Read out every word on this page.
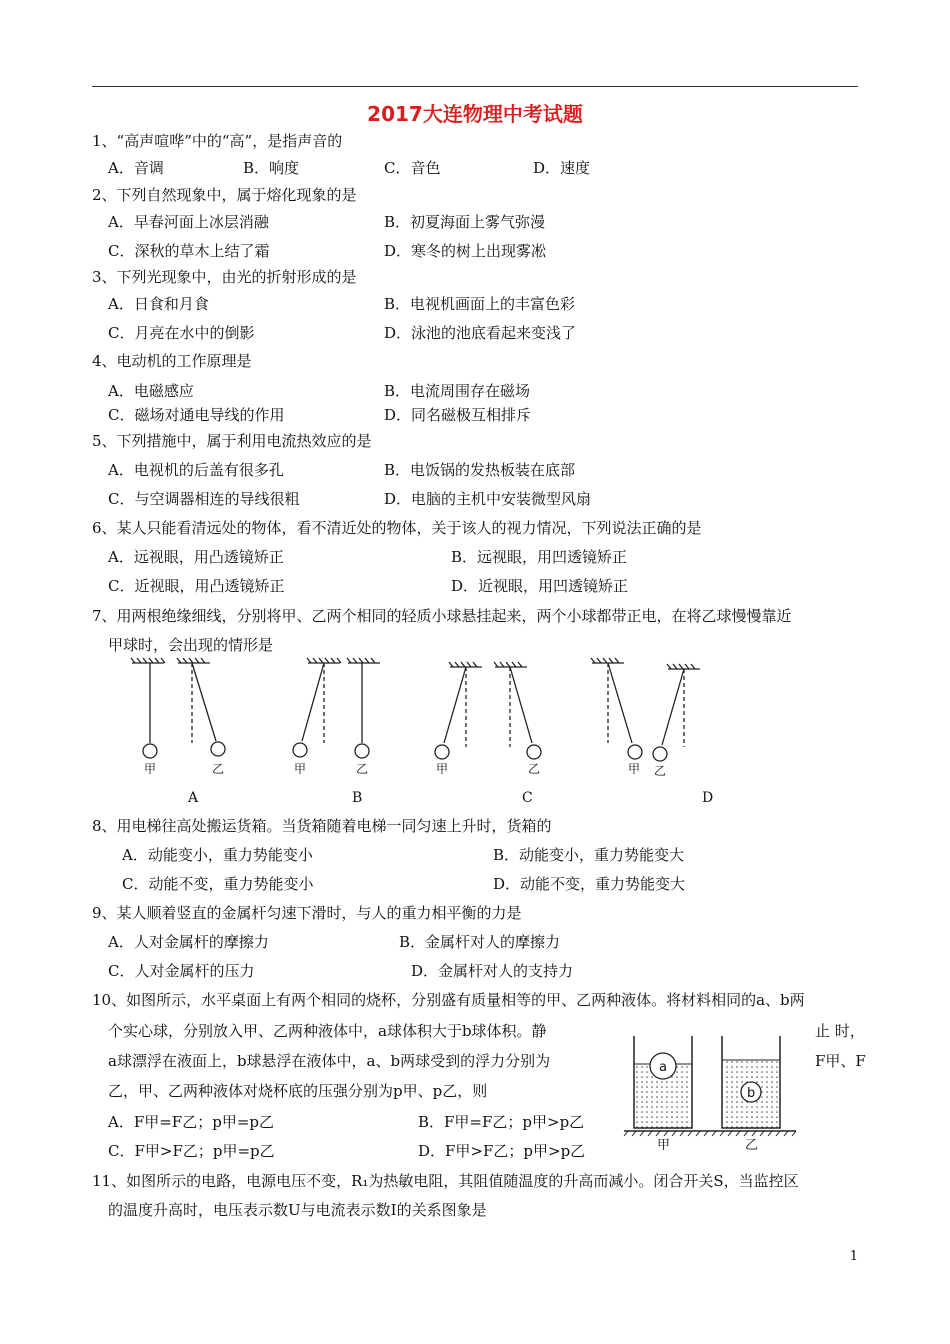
2017大连物理中考试题
1、“高声喧哗”中的“高”，是指声音的
A．音调	B．响度	C．音色	D．速度
2、下列自然现象中，属于熔化现象的是
A．早春河面上冰层消融	B．初夏海面上雾气弥漫
C．深秋的草木上结了霜	D．寒冬的树上出现雾凇
3、下列光现象中，由光的折射形成的是
A．日食和月食	B．电视机画面上的丰富色彩
C．月亮在水中的倒影	D．泳池的池底看起来变浅了
4、电动机的工作原理是
A．电磁感应	B．电流周围存在磁场
C．磁场对通电导线的作用	D．同名磁极互相排斥
5、下列措施中，属于利用电流热效应的是
A．电视机的后盖有很多孔	B．电饭锅的发热板装在底部
C．与空调器相连的导线很粗	D．电脑的主机中安装微型风扇
6、某人只能看清远处的物体，看不清近处的物体，关于该人的视力情况，下列说法正确的是
A．远视眼，用凸透镜矫正	B．远视眼，用凹透镜矫正
C．近视眼，用凸透镜矫正	D．近视眼，用凹透镜矫正
7、用两根绝缘细线，分别将甲、乙两个相同的轻质小球悬挂起来，两个小球都带正电，在将乙球慢慢靠近
甲球时，会出现的情形是
甲	乙	甲	乙	甲	乙	甲 乙
A	B	C	D
8、用电梯往高处搬运货箱。当货箱随着电梯一同匀速上升时，货箱的
A．动能变小，重力势能变小	B．动能变小，重力势能变大
C．动能不变，重力势能变小	D．动能不变，重力势能变大
9、某人顺着竖直的金属杆匀速下滑时，与人的重力相平衡的力是
A．人对金属杆的摩擦力	B．金属杆对人的摩擦力
C．人对金属杆的压力	D．金属杆对人的支持力
10、如图所示，水平桌面上有两个相同的烧杯，分别盛有质量相等的甲、乙两种液体。将材料相同的a、b两
个实心球，分别放入甲、乙两种液体中，a球体积大于b球体积。静	止 时，
a球漂浮在液面上，b球悬浮在液体中，a、b两球受到的浮力分别为	F甲、F
乙，甲、乙两种液体对烧杯底的压强分别为p甲、p乙，则
A．F甲=F乙；p甲=p乙	B．F甲=F乙；p甲>p乙
C．F甲>F乙；p甲=p乙	D．F甲>F乙；p甲>p乙
a
b
甲	乙
11、如图所示的电路，电源电压不变，R₁为热敏电阻，其阻值随温度的升高而减小。闭合开关S，当监控区
的温度升高时，电压表示数U与电流表示数I的关系图象是
1
